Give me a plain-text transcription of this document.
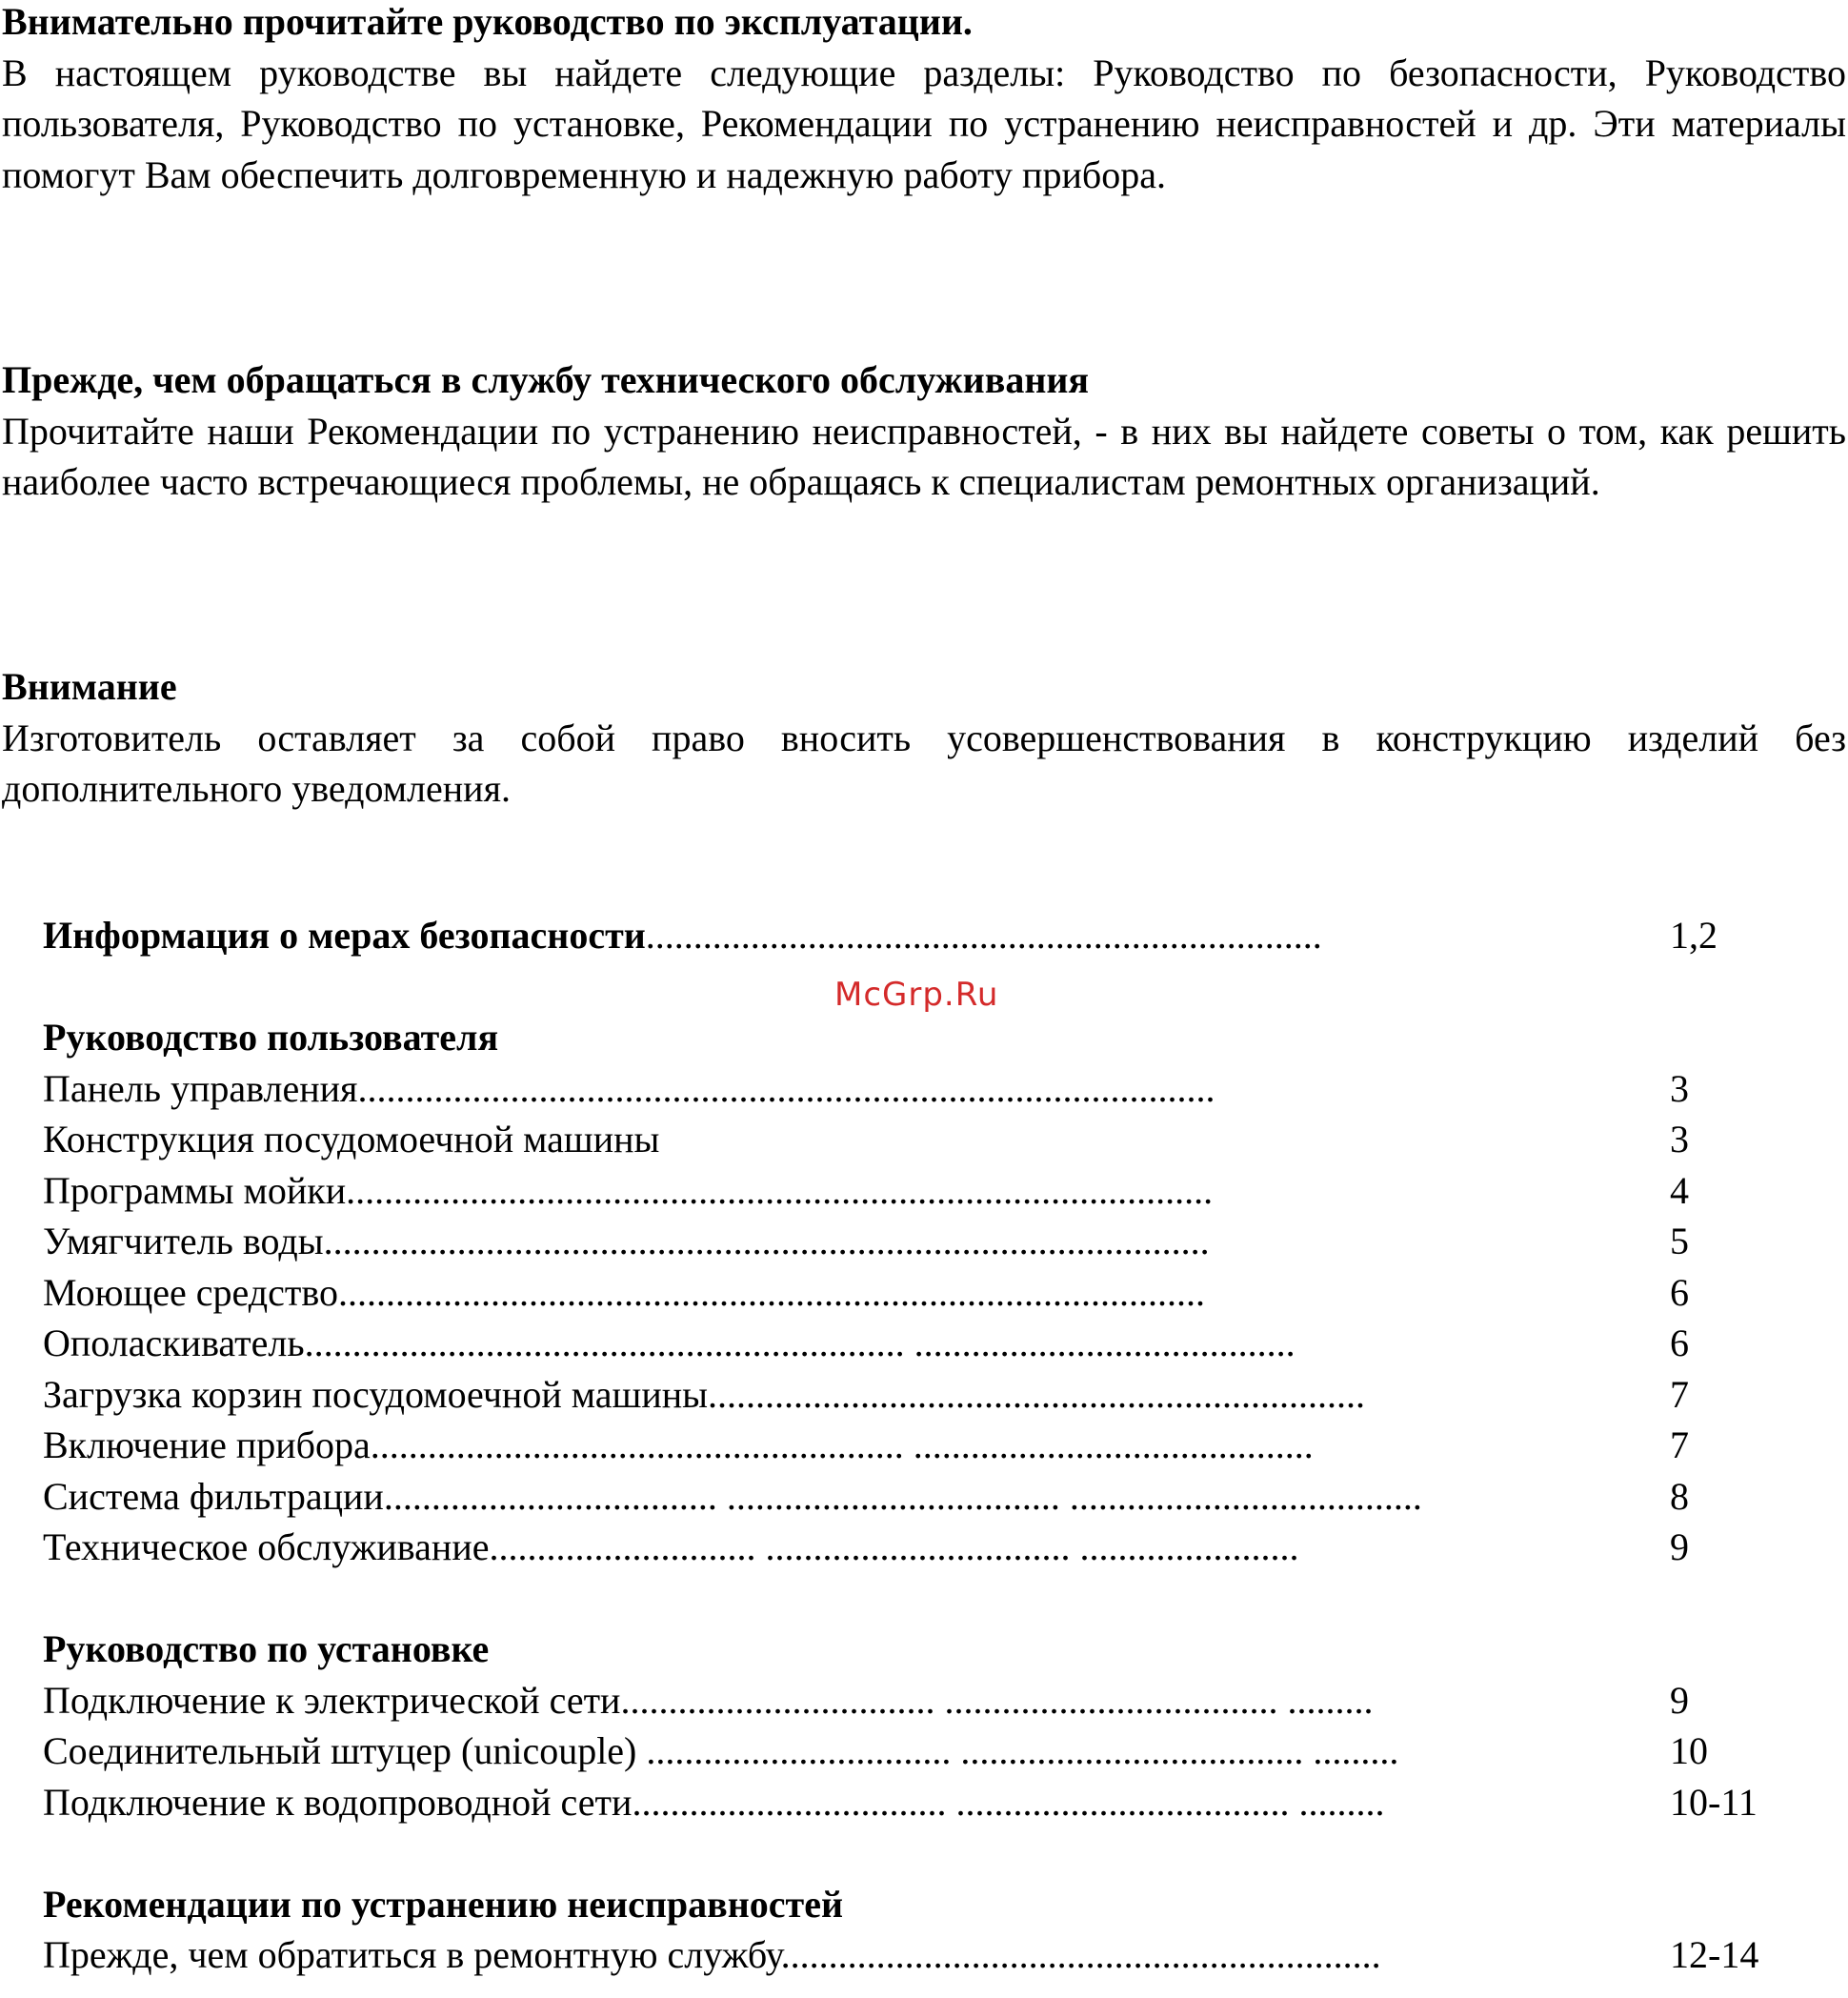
Внимательно прочитайте руководство по эксплуатации.
В настоящем руководстве вы найдете следующие разделы: Руководство по безопасности, Руководство пользователя, Руководство по установке, Рекомендации по устранению неисправностей и др. Эти материалы помогут Вам обеспечить долговременную и надежную работу прибора.
Прежде, чем обращаться в службу технического обслуживания
Прочитайте наши Рекомендации по устранению неисправностей, - в них вы найдете советы о том, как решить наиболее часто встречающиеся проблемы, не обращаясь к специалистам ремонтных организаций.
Внимание
Изготовитель оставляет за собой право вносить усовершенствования в конструкцию изделий без дополнительного уведомления.
McGrp.Ru
Информация о мерах безопасности.......................................................................	1,2
Руководство пользователя
Панель управления..........................................................................................	3
Конструкция посудомоечной машины	3
Программы мойки...........................................................................................	4
Умягчитель воды.............................................................................................	5
Моющее средство...........................................................................................	6
Ополаскиватель............................................................... ........................................	6
Загрузка корзин посудомоечной машины.....................................................................	7
Включение прибора........................................................ ..........................................	7
Система фильтрации................................... ................................... .....................................	8
Техническое обслуживание............................ ................................ .......................	9
Руководство по установке
Подключение к электрической сети................................. ................................... .........	9
Соединительный штуцер (unicouple) ................................ .................................... .........	10
Подключение к водопроводной сети................................. ................................... .........	10-11
Рекомендации по устранению неисправностей
Прежде, чем обратиться в ремонтную службу...............................................................	12-14
